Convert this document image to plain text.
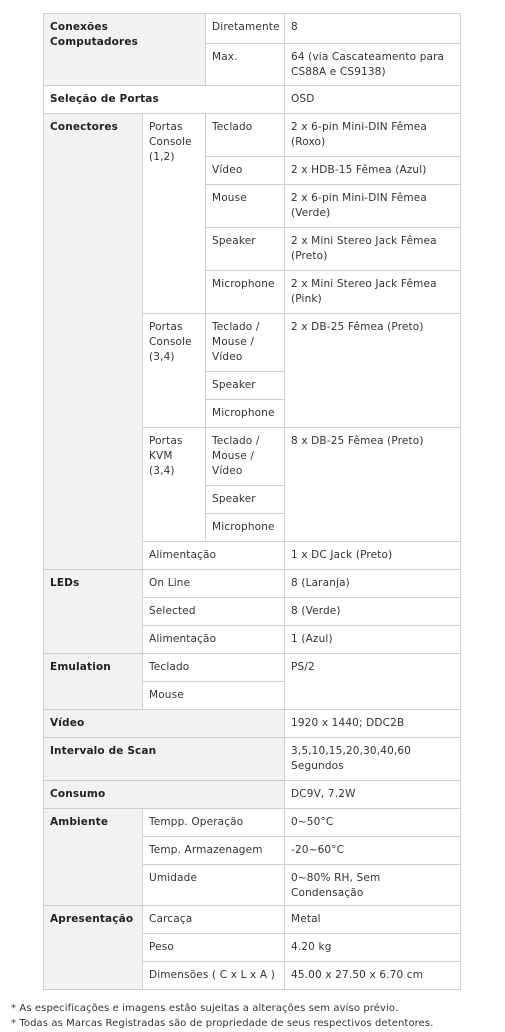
Conexões Computadores		Diretamente	8
		Max.	64 (via Cascateamento para CS88A e CS9138)
Seleção de Portas			OSD
Conectores	Portas Console (1,2)	Teclado	2 x 6-pin Mini-DIN Fêmea (Roxo)
		Vídeo	2 x HDB-15 Fêmea (Azul)
		Mouse	2 x 6-pin Mini-DIN Fêmea (Verde)
		Speaker	2 x Mini Stereo Jack Fêmea (Preto)
		Microphone	2 x Mini Stereo Jack Fêmea (Pink)
	Portas Console (3,4)	Teclado / Mouse / Vídeo	2 x DB-25 Fêmea (Preto)
		Speaker	
		Microphone	
	Portas KVM (3,4)	Teclado / Mouse / Vídeo	8 x DB-25 Fêmea (Preto)
		Speaker	
		Microphone	
	Alimentação		1 x DC Jack (Preto)
LEDs	On Line		8 (Laranja)
	Selected		8 (Verde)
	Alimentação		1 (Azul)
Emulation	Teclado		PS/2
	Mouse		
Vídeo			1920 x 1440; DDC2B
Intervalo de Scan			3,5,10,15,20,30,40,60 Segundos
Consumo			DC9V, 7.2W
Ambiente	Tempp. Operação		0~50°C
	Temp. Armazenagem		-20~60°C
	Umidade		0~80% RH, Sem Condensação
Apresentação	Carcaça		Metal
	Peso		4.20 kg
	Dimensões ( C x L x A )		45.00 x 27.50 x 6.70 cm
* As especificações e imagens estão sujeitas a alterações sem aviso prévio.
* Todas as Marcas Registradas são de propriedade de seus respectivos detentores.
